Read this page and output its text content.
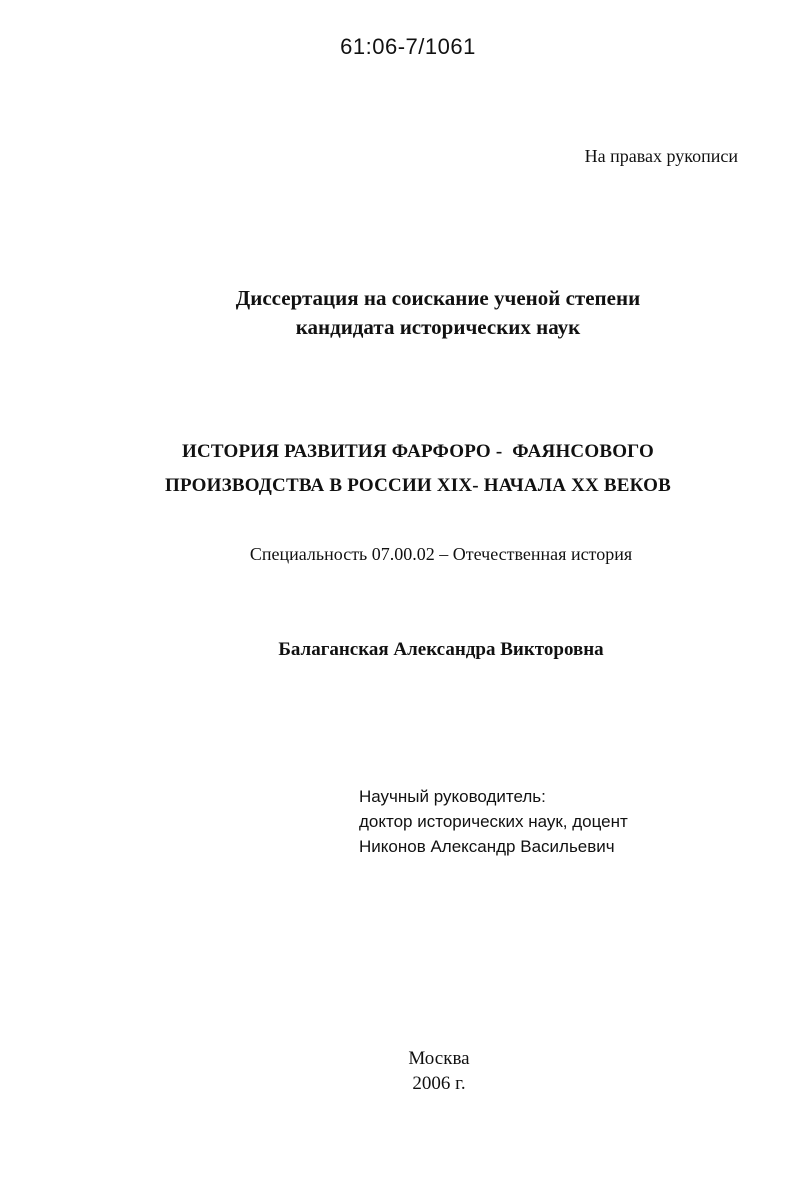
61:06-7/1061
На правах рукописи
Диссертация на соискание ученой степени
кандидата исторических наук
ИСТОРИЯ РАЗВИТИЯ ФАРФОРО -  ФАЯНСОВОГО
ПРОИЗВОДСТВА В РОССИИ XIX- НАЧАЛА XX ВЕКОВ
Специальность 07.00.02 – Отечественная история
Балаганская Александра Викторовна
Научный руководитель:
доктор исторических наук, доцент
Никонов Александр Васильевич
Москва
2006 г.
